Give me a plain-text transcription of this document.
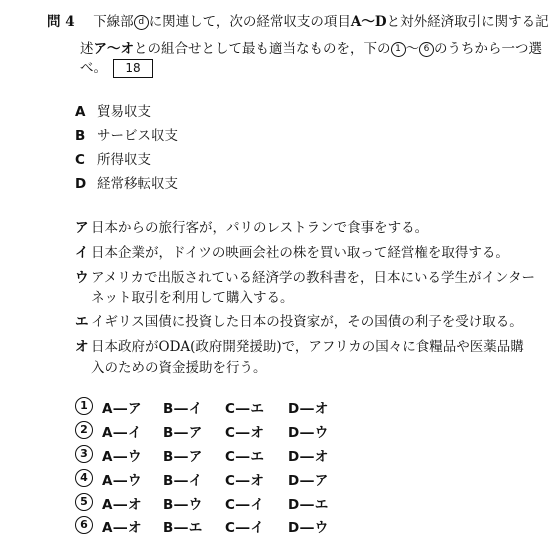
問 4 下線部 d に関連して，次の経常収支の項目A～Dと対外経済取引に関する記
述ア～オとの組合せとして最も適当なものを，下の 1 ～ 6 のうちから一つ選
べ。 18
A 貿易収支
B サービス収支
C 所得収支
D 経常移転収支
ア 日本からの旅行客が，パリのレストランで食事をする。
イ 日本企業が，ドイツの映画会社の株を買い取って経営権を取得する。
ウ アメリカで出版されている経済学の教科書を，日本にいる学生がインター
ネット取引を利用して購入する。
エ イギリス国債に投資した日本の投資家が，その国債の利子を受け取る。
オ 日本政府がODA(政府開発援助)で，アフリカの国々に食糧品や医薬品購
入のための資金援助を行う。
1 A―ア B―イ C―エ D―オ
2 A―イ B―ア C―オ D―ウ
3 A―ウ B―ア C―エ D―オ
4 A―ウ B―イ C―オ D―ア
5 A―オ B―ウ C―イ D―エ
6 A―オ B―エ C―イ D―ウ
